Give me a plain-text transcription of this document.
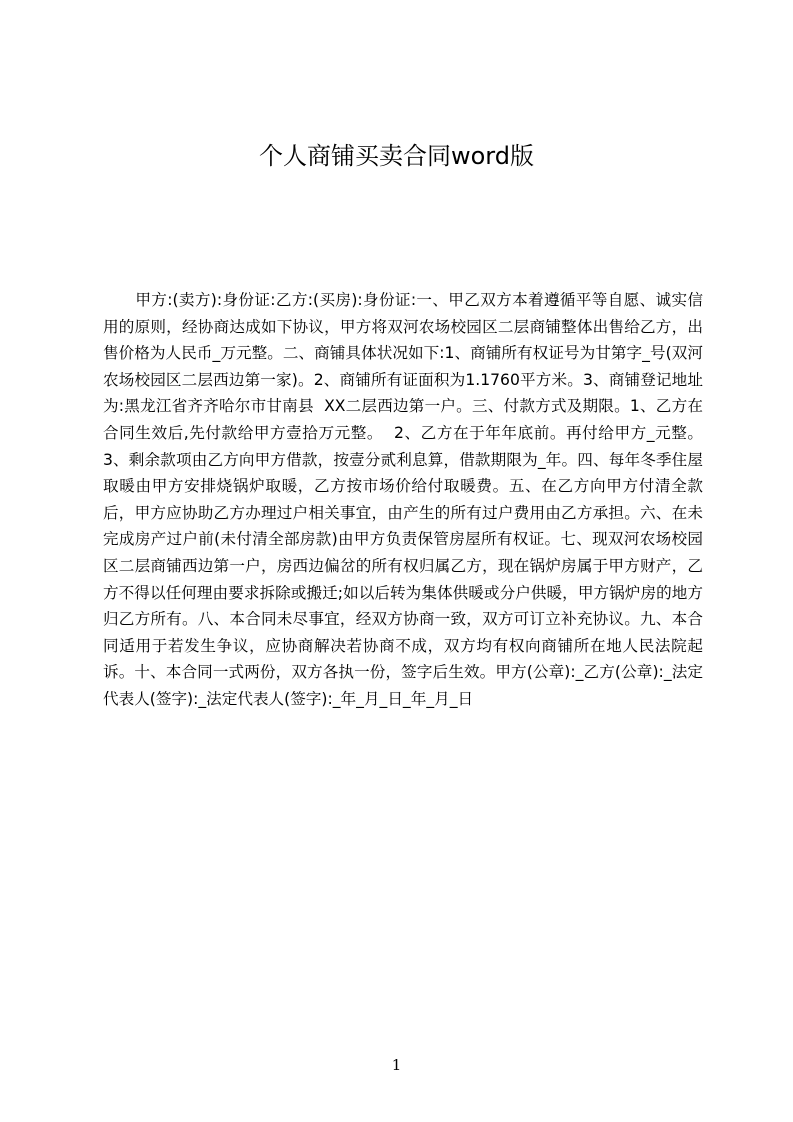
个人商铺买卖合同word版
甲方:(卖方):身份证:乙方:(买房):身份证:一、甲乙双方本着遵循平等自愿、诚实信用的原则，经协商达成如下协议，甲方将双河农场校园区二层商铺整体出售给乙方，出售价格为人民币_万元整。二、商铺具体状况如下:1、商铺所有权证号为甘第字_号(双河农场校园区二层西边第一家)。2、商铺所有证面积为1.1760平方米。3、商铺登记地址为:黑龙江省齐齐哈尔市甘南县  XX二层西边第一户。三、付款方式及期限。1、乙方在合同生效后,先付款给甲方壹拾万元整。  2、乙方在于年年底前。再付给甲方_元整。3、剩余款项由乙方向甲方借款，按壹分贰利息算，借款期限为_年。四、每年冬季住屋取暖由甲方安排烧锅炉取暖，乙方按市场价给付取暖费。五、在乙方向甲方付清全款后，甲方应协助乙方办理过户相关事宜，由产生的所有过户费用由乙方承担。六、在未完成房产过户前(未付清全部房款)由甲方负责保管房屋所有权证。七、现双河农场校园区二层商铺西边第一户，房西边偏岔的所有权归属乙方，现在锅炉房属于甲方财产，乙方不得以任何理由要求拆除或搬迁;如以后转为集体供暖或分户供暖，甲方锅炉房的地方归乙方所有。八、本合同未尽事宜，经双方协商一致，双方可订立补充协议。九、本合同适用于若发生争议，应协商解决若协商不成，双方均有权向商铺所在地人民法院起诉。十、本合同一式两份，双方各执一份，签字后生效。甲方(公章):_乙方(公章):_法定代表人(签字):_法定代表人(签字):_年_月_日_年_月_日
1
